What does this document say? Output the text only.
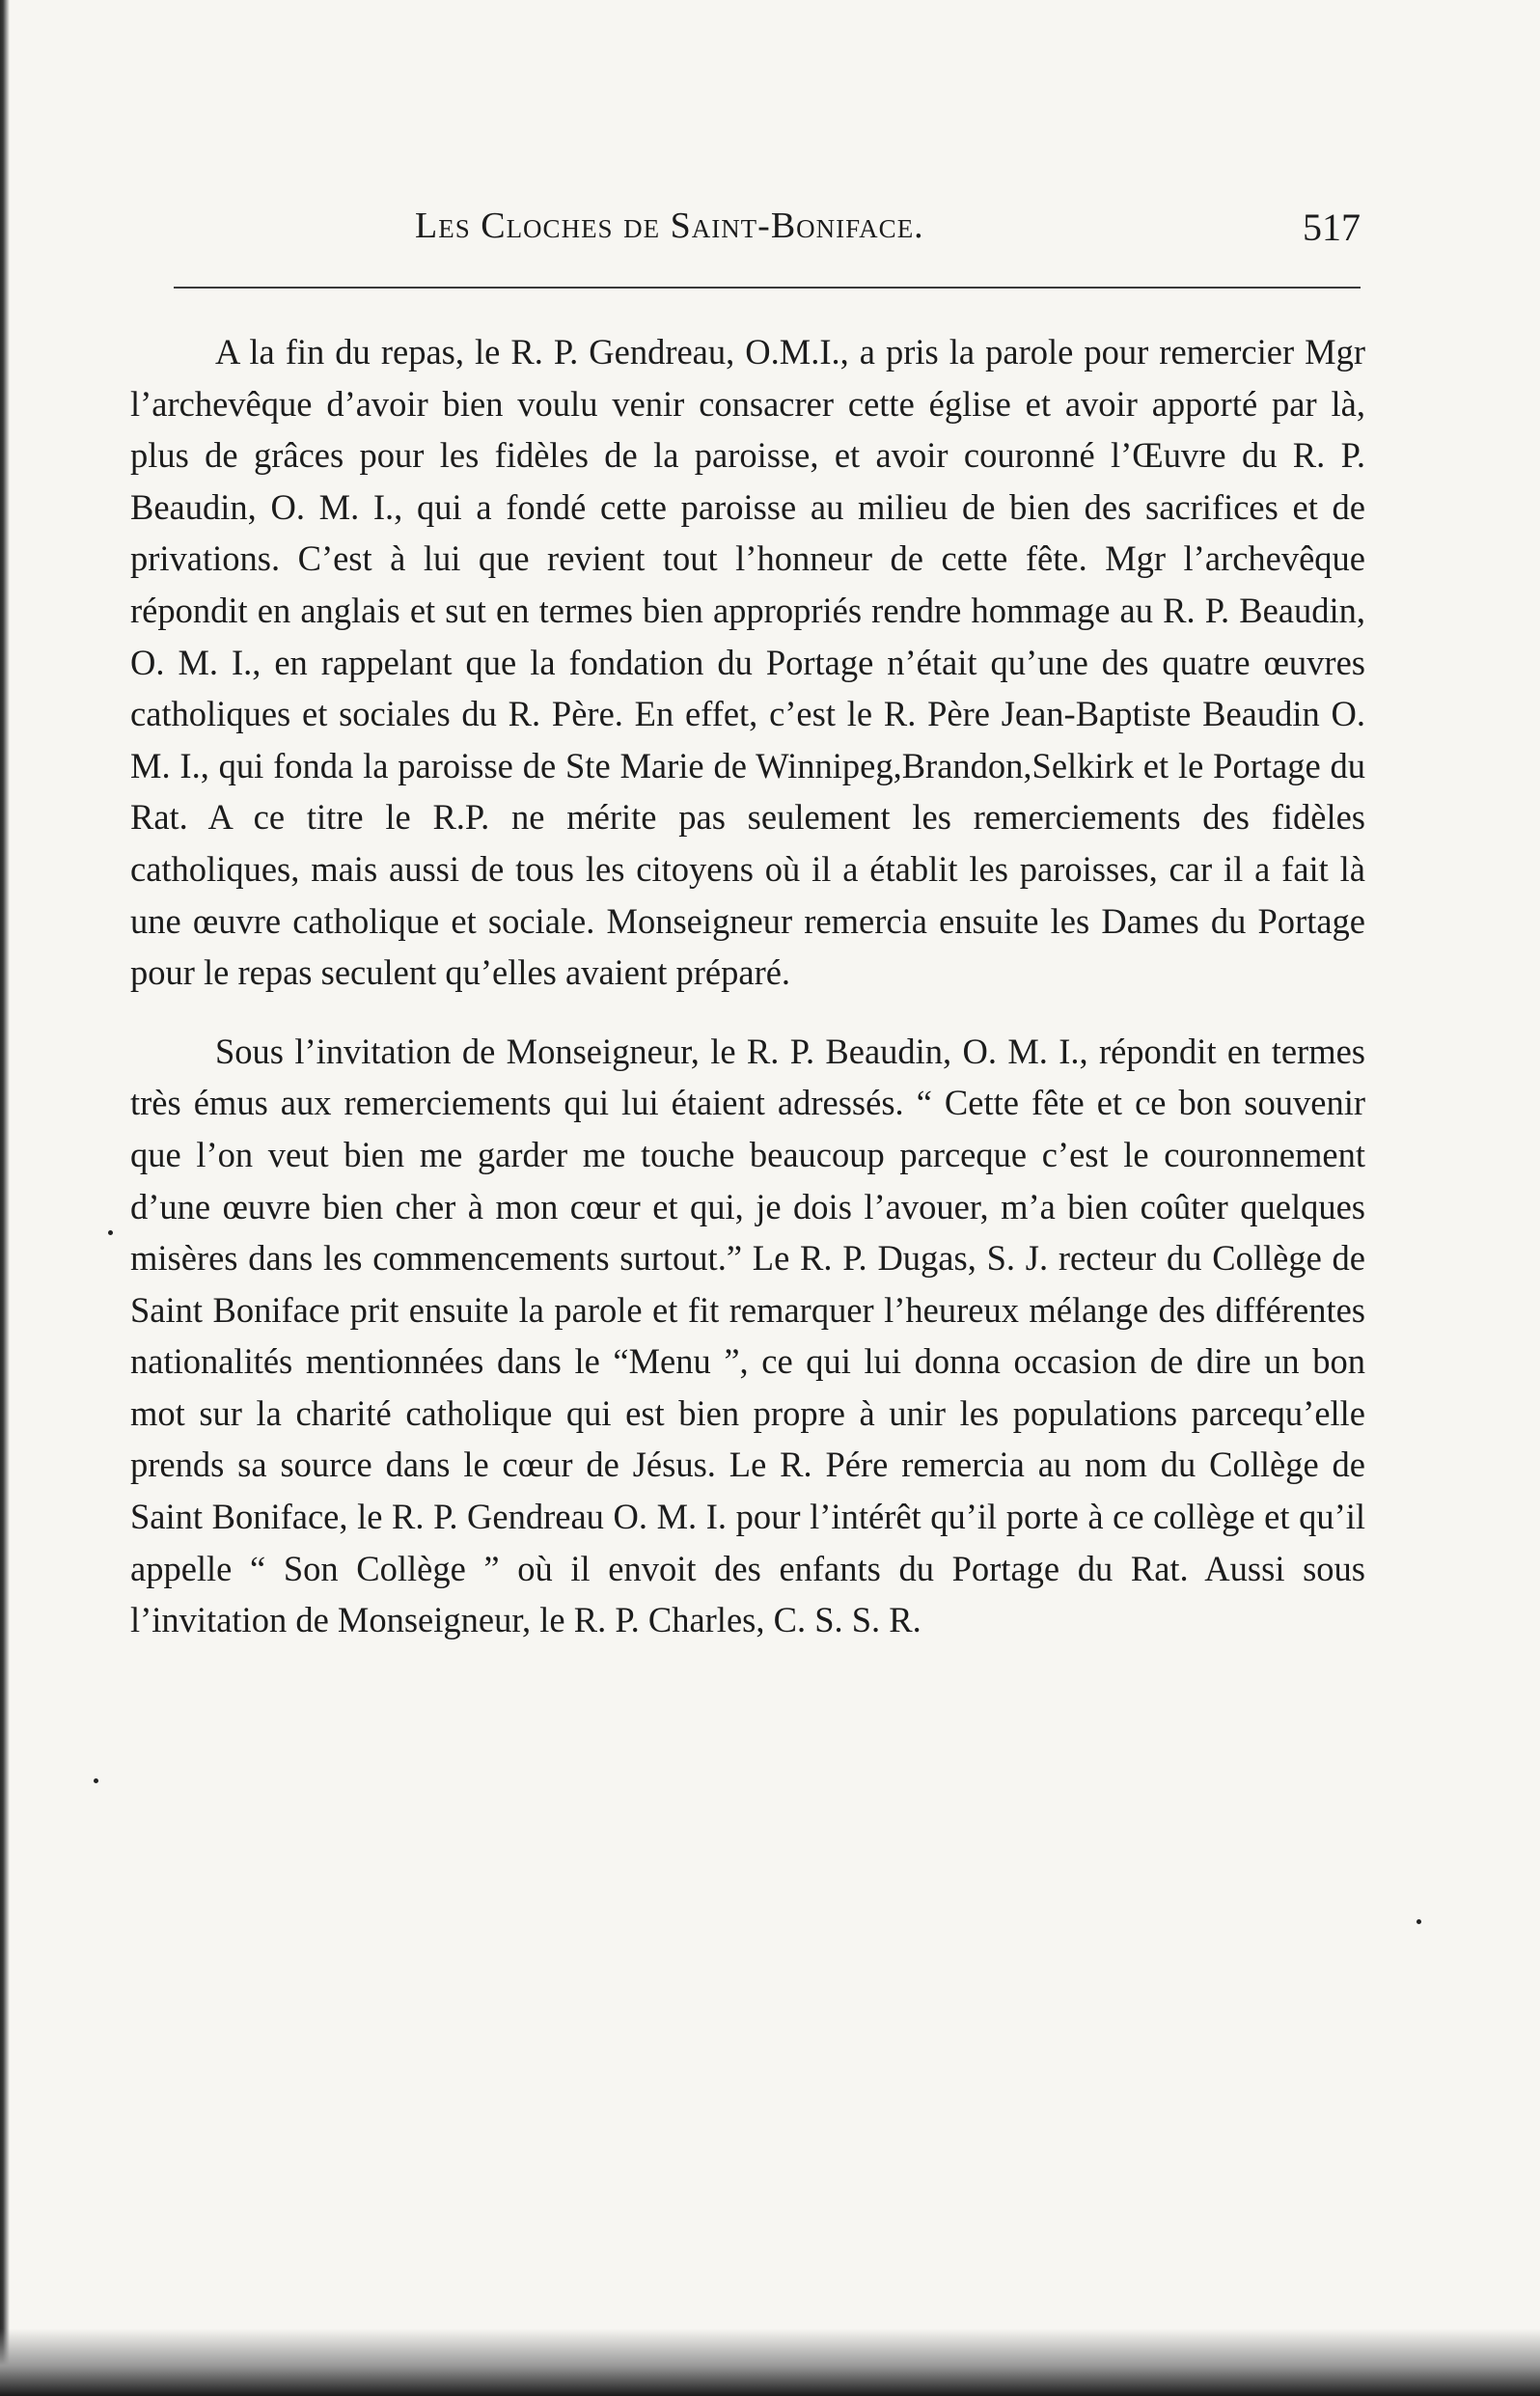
Les Cloches de Saint-Boniface.	517

A la fin du repas, le R. P. Gendreau, O.M.I., a pris la parole pour remercier Mgr l’archevêque d’avoir bien voulu venir consacrer cette église et avoir apporté par là, plus de grâces pour les fidèles de la paroisse, et avoir couronné l’Œuvre du R. P. Beaudin, O. M. I., qui a fondé cette paroisse au milieu de bien des sacrifices et de privations. C’est à lui que revient tout l’honneur de cette fête. Mgr l’archevêque répondit en anglais et sut en termes bien appropriés rendre hommage au R. P. Beaudin, O. M. I., en rappelant que la fondation du Portage n’était qu’une des quatre œuvres catholiques et sociales du R. Père. En effet, c’est le R. Père Jean-Baptiste Beaudin O. M. I., qui fonda la paroisse de Ste Marie de Winnipeg,Brandon,Selkirk et le Portage du Rat. A ce titre le R.P. ne mérite pas seulement les remerciements des fidèles catholiques, mais aussi de tous les citoyens où il a établit les paroisses, car il a fait là une œuvre catholique et sociale. Monseigneur remercia ensuite les Dames du Portage pour le repas seculent qu’elles avaient préparé.

Sous l’invitation de Monseigneur, le R. P. Beaudin, O. M. I., répondit en termes très émus aux remerciements qui lui étaient adressés. “ Cette fête et ce bon souvenir que l’on veut bien me garder me touche beaucoup parceque c’est le couronnement d’une œuvre bien cher à mon cœur et qui, je dois l’avouer, m’a bien coûter quelques misères dans les commencements surtout.” Le R. P. Dugas, S. J. recteur du Collège de Saint Boniface prit ensuite la parole et fit remarquer l’heureux mélange des différentes nationalités mentionnées dans le “Menu ”, ce qui lui donna occasion de dire un bon mot sur la charité catholique qui est bien propre à unir les populations parcequ’elle prends sa source dans le cœur de Jésus. Le R. Pére remercia au nom du Collège de Saint Boniface, le R. P. Gendreau O. M. I. pour l’intérêt qu’il porte à ce collège et qu’il appelle “ Son Collège ” où il envoit des enfants du Portage du Rat. Aussi sous l’invitation de Monseigneur, le R. P. Charles, C. S. S. R.
